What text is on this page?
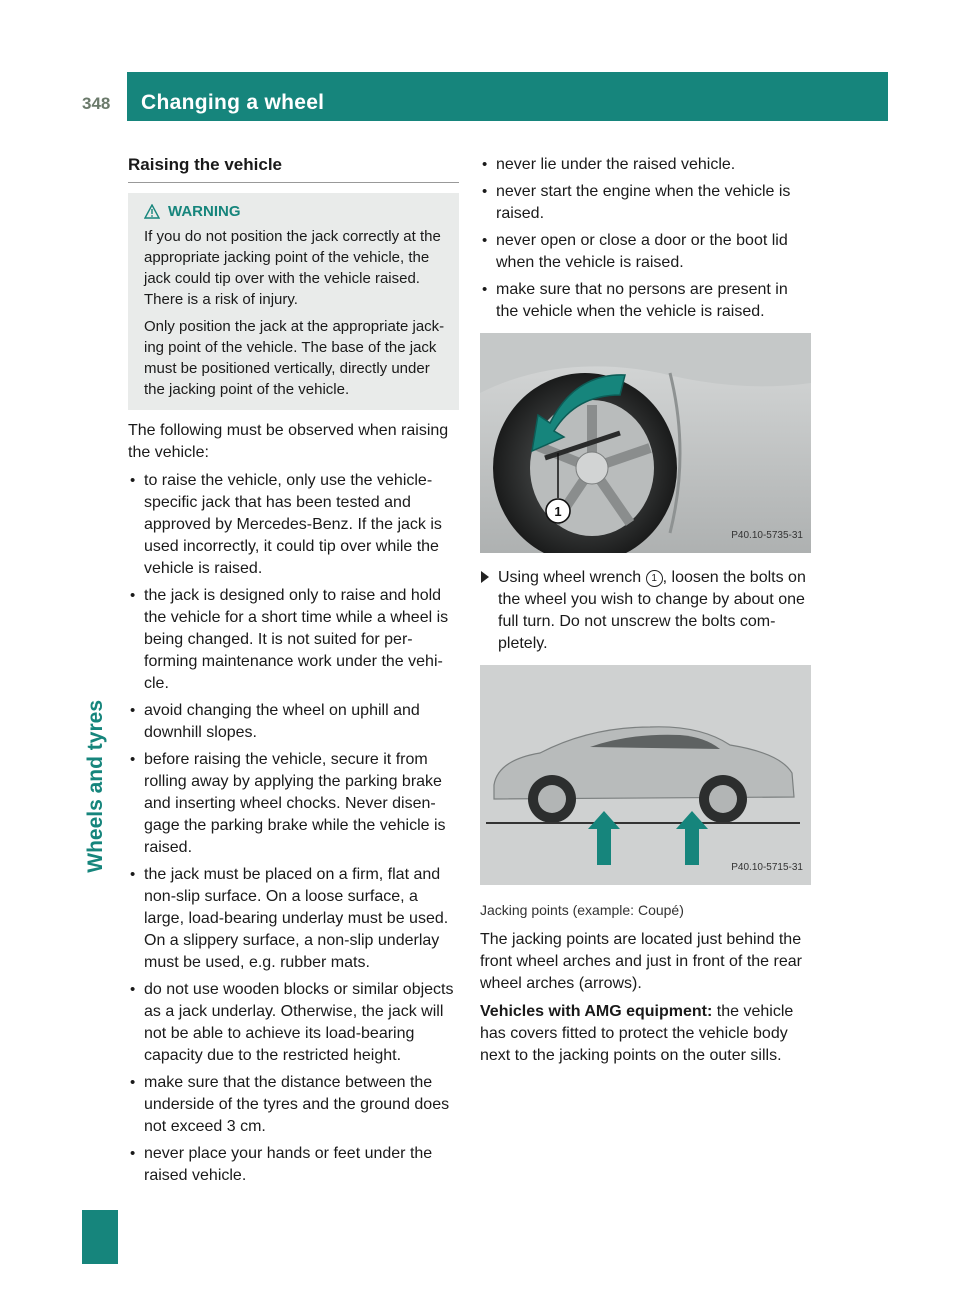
348	Changing a wheel
Wheels and tyres
Raising the vehicle
WARNING

If you do not position the jack correctly at the appropriate jacking point of the vehicle, the jack could tip over with the vehicle raised. There is a risk of injury.

Only position the jack at the appropriate jack-ing point of the vehicle. The base of the jack must be positioned vertically, directly under the jacking point of the vehicle.

The following must be observed when raising the vehicle:

• to raise the vehicle, only use the vehicle-specific jack that has been tested and approved by Mercedes-Benz. If the jack is used incorrectly, it could tip over while the vehicle is raised.
• the jack is designed only to raise and hold the vehicle for a short time while a wheel is being changed. It is not suited for per-forming maintenance work under the vehi-cle.
• avoid changing the wheel on uphill and downhill slopes.
• before raising the vehicle, secure it from rolling away by applying the parking brake and inserting wheel chocks. Never disen-gage the parking brake while the vehicle is raised.
• the jack must be placed on a firm, flat and non-slip surface. On a loose surface, a large, load-bearing underlay must be used. On a slippery surface, a non-slip underlay must be used, e.g. rubber mats.
• do not use wooden blocks or similar objects as a jack underlay. Otherwise, the jack will not be able to achieve its load-bearing capacity due to the restricted height.
• make sure that the distance between the underside of the tyres and the ground does not exceed 3 cm.
• never place your hands or feet under the raised vehicle.
• never lie under the raised vehicle.
• never start the engine when the vehicle is raised.
• never open or close a door or the boot lid when the vehicle is raised.
• make sure that no persons are present in the vehicle when the vehicle is raised.
1
P40.10-5735-31
Using wheel wrench 1 , loosen the bolts on the wheel you wish to change by about one full turn. Do not unscrew the bolts com-pletely.
P40.10-5715-31

Jacking points (example: Coupé)

The jacking points are located just behind the front wheel arches and just in front of the rear wheel arches (arrows).

Vehicles with AMG equipment: the vehicle has covers fitted to protect the vehicle body next to the jacking points on the outer sills.
